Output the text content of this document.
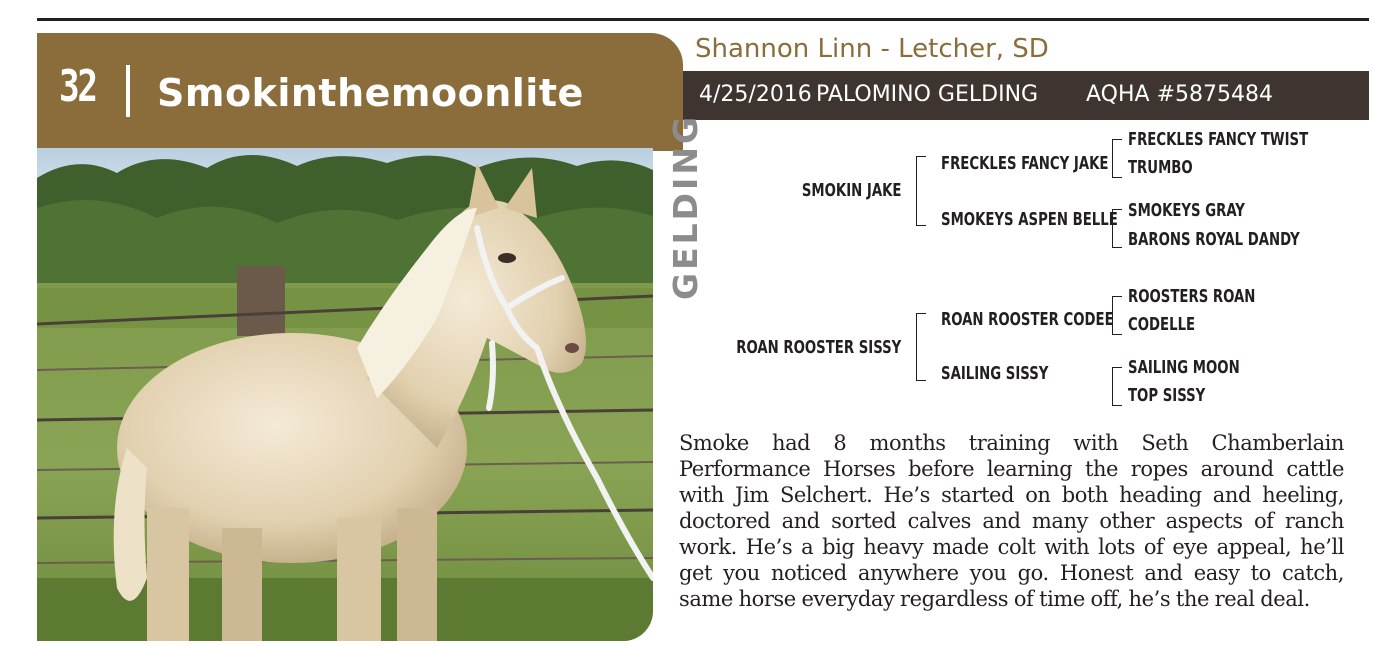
32 Smokinthemoonlite
Shannon Linn - Letcher, SD
4/25/2016 PALOMINO GELDING AQHA #5875484
GELDING	SMOKIN JAKE
FRECKLES FANCY JAKE
SMOKEYS ASPEN BELLE
FRECKLES FANCY TWIST
TRUMBO
SMOKEYS GRAY
BARONS ROYAL DANDY
ROAN ROOSTER SISSY
ROAN ROOSTER CODEE
SAILING SISSY
ROOSTERS ROAN
CODELLE
SAILING MOON
TOP SISSY
Smoke had 8 months training with Seth Chamberlain Performance Horses before learning the ropes around cattle with Jim Selchert. He’s started on both heading and heeling, doctored and sorted calves and many other aspects of ranch work. He’s a big heavy made colt with lots of eye appeal, he’ll get you noticed anywhere you go. Honest and easy to catch, same horse everyday regardless of time off, he’s the real deal.
